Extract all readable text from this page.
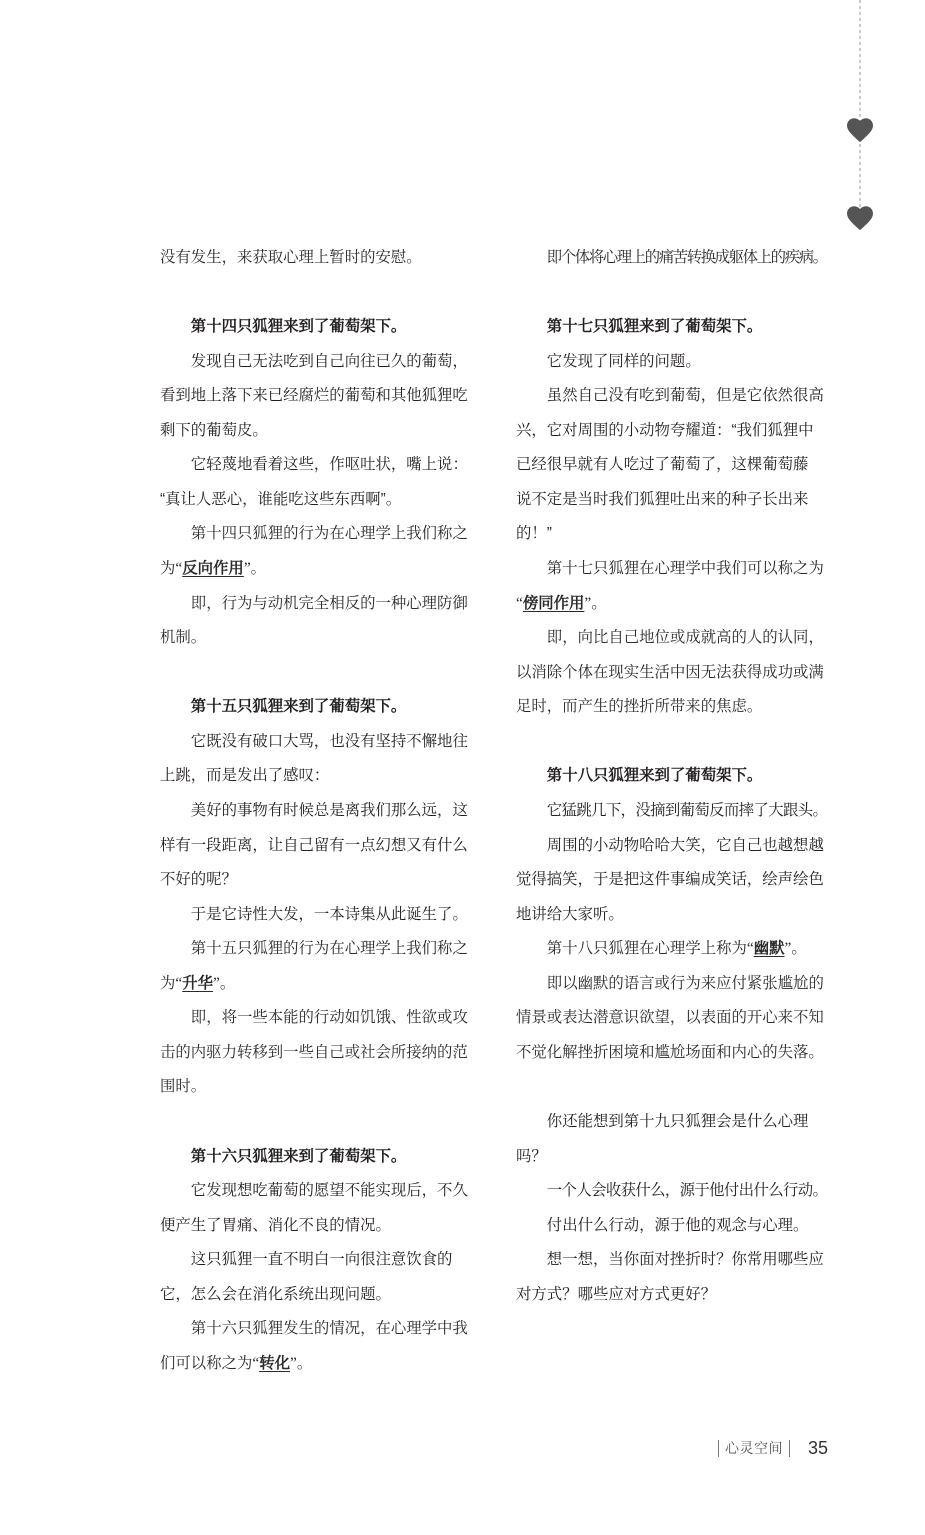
没有发生，来获取心理上暂时的安慰。
第十四只狐狸来到了葡萄架下。
发现自己无法吃到自己向往已久的葡萄，
看到地上落下来已经腐烂的葡萄和其他狐狸吃
剩下的葡萄皮。
它轻蔑地看着这些，作呕吐状，嘴上说：
“真让人恶心，谁能吃这些东西啊”。
第十四只狐狸的行为在心理学上我们称之
为“反向作用”。
即，行为与动机完全相反的一种心理防御
机制。
第十五只狐狸来到了葡萄架下。
它既没有破口大骂，也没有坚持不懈地往
上跳，而是发出了感叹：
美好的事物有时候总是离我们那么远，这
样有一段距离，让自己留有一点幻想又有什么
不好的呢？
于是它诗性大发，一本诗集从此诞生了。
第十五只狐狸的行为在心理学上我们称之
为“升华”。
即，将一些本能的行动如饥饿、性欲或攻
击的内驱力转移到一些自己或社会所接纳的范
围时。
第十六只狐狸来到了葡萄架下。
它发现想吃葡萄的愿望不能实现后，不久
便产生了胃痛、消化不良的情况。
这只狐狸一直不明白一向很注意饮食的
它，怎么会在消化系统出现问题。
第十六只狐狸发生的情况，在心理学中我
们可以称之为“转化”。
即个体将心理上的痛苦转换成躯体上的疾病。
第十七只狐狸来到了葡萄架下。
它发现了同样的问题。
虽然自己没有吃到葡萄，但是它依然很高
兴，它对周围的小动物夸耀道：“我们狐狸中
已经很早就有人吃过了葡萄了，这棵葡萄藤
说不定是当时我们狐狸吐出来的种子长出来
的！”
第十七只狐狸在心理学中我们可以称之为
“傍同作用”。
即，向比自己地位或成就高的人的认同，
以消除个体在现实生活中因无法获得成功或满
足时，而产生的挫折所带来的焦虑。
第十八只狐狸来到了葡萄架下。
它猛跳几下，没摘到葡萄反而摔了大跟头。
周围的小动物哈哈大笑，它自己也越想越
觉得搞笑，于是把这件事编成笑话，绘声绘色
地讲给大家听。
第十八只狐狸在心理学上称为“幽默”。
即以幽默的语言或行为来应付紧张尴尬的
情景或表达潜意识欲望，以表面的开心来不知
不觉化解挫折困境和尴尬场面和内心的失落。
你还能想到第十九只狐狸会是什么心理
吗？
一个人会收获什么，源于他付出什么行动。
付出什么行动，源于他的观念与心理。
想一想，当你面对挫折时？你常用哪些应
对方式？哪些应对方式更好？
心灵空间 35
